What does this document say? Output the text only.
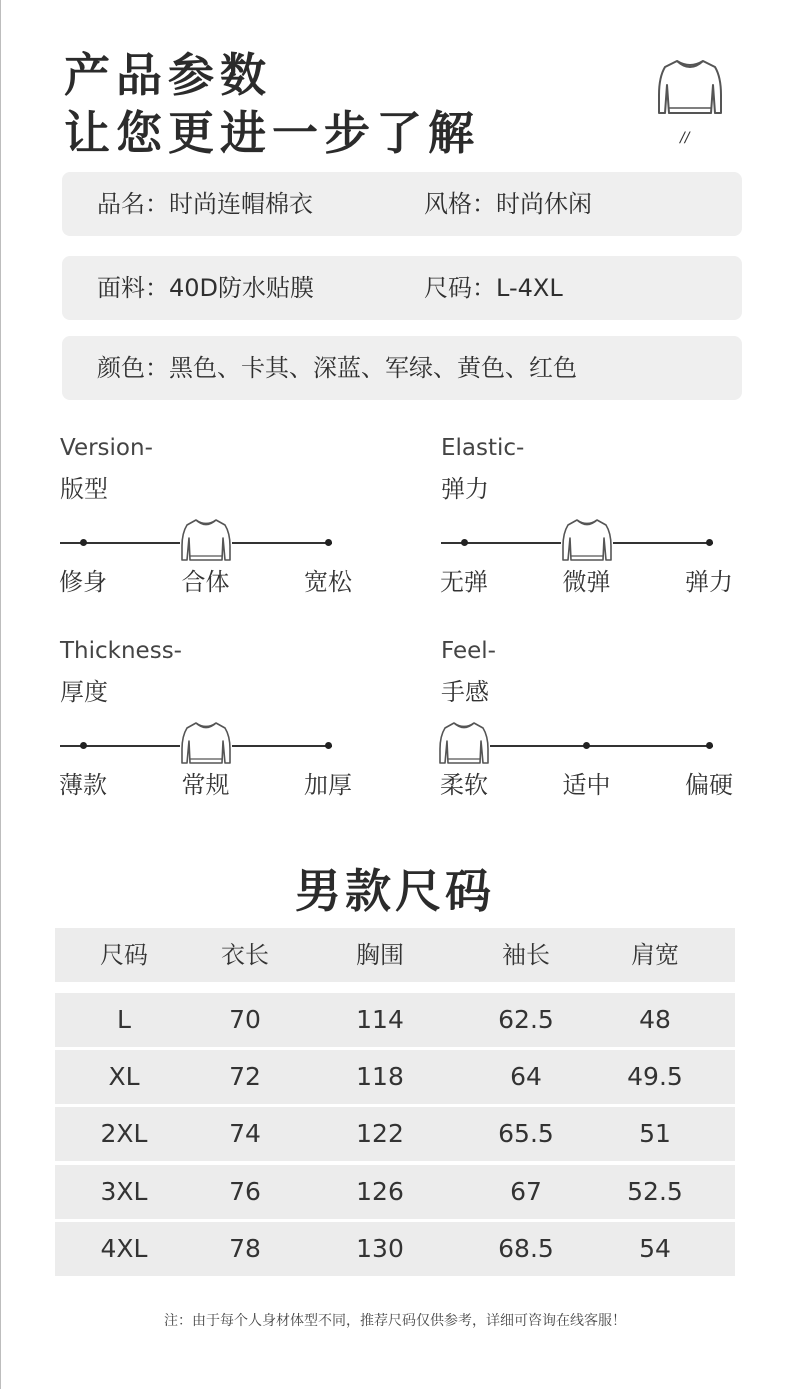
产品参数
让您更进一步了解	//
品名：时尚连帽棉衣	风格：时尚休闲
面料：40D防水贴膜	尺码：L-4XL
颜色：黑色、卡其、深蓝、军绿、黄色、红色
Version-
版型
修身	合体	宽松
Elastic-
弹力
无弹	微弹	弹力
Thickness-
厚度
薄款	常规	加厚
Feel-
手感
柔软	适中	偏硬
男款尺码
尺码	衣长	胸围	袖长	肩宽
L	70	114	62.5	48
XL	72	118	64	49.5
2XL	74	122	65.5	51
3XL	76	126	67	52.5
4XL	78	130	68.5	54
注：由于每个人身材体型不同，推荐尺码仅供参考，详细可咨询在线客服！
